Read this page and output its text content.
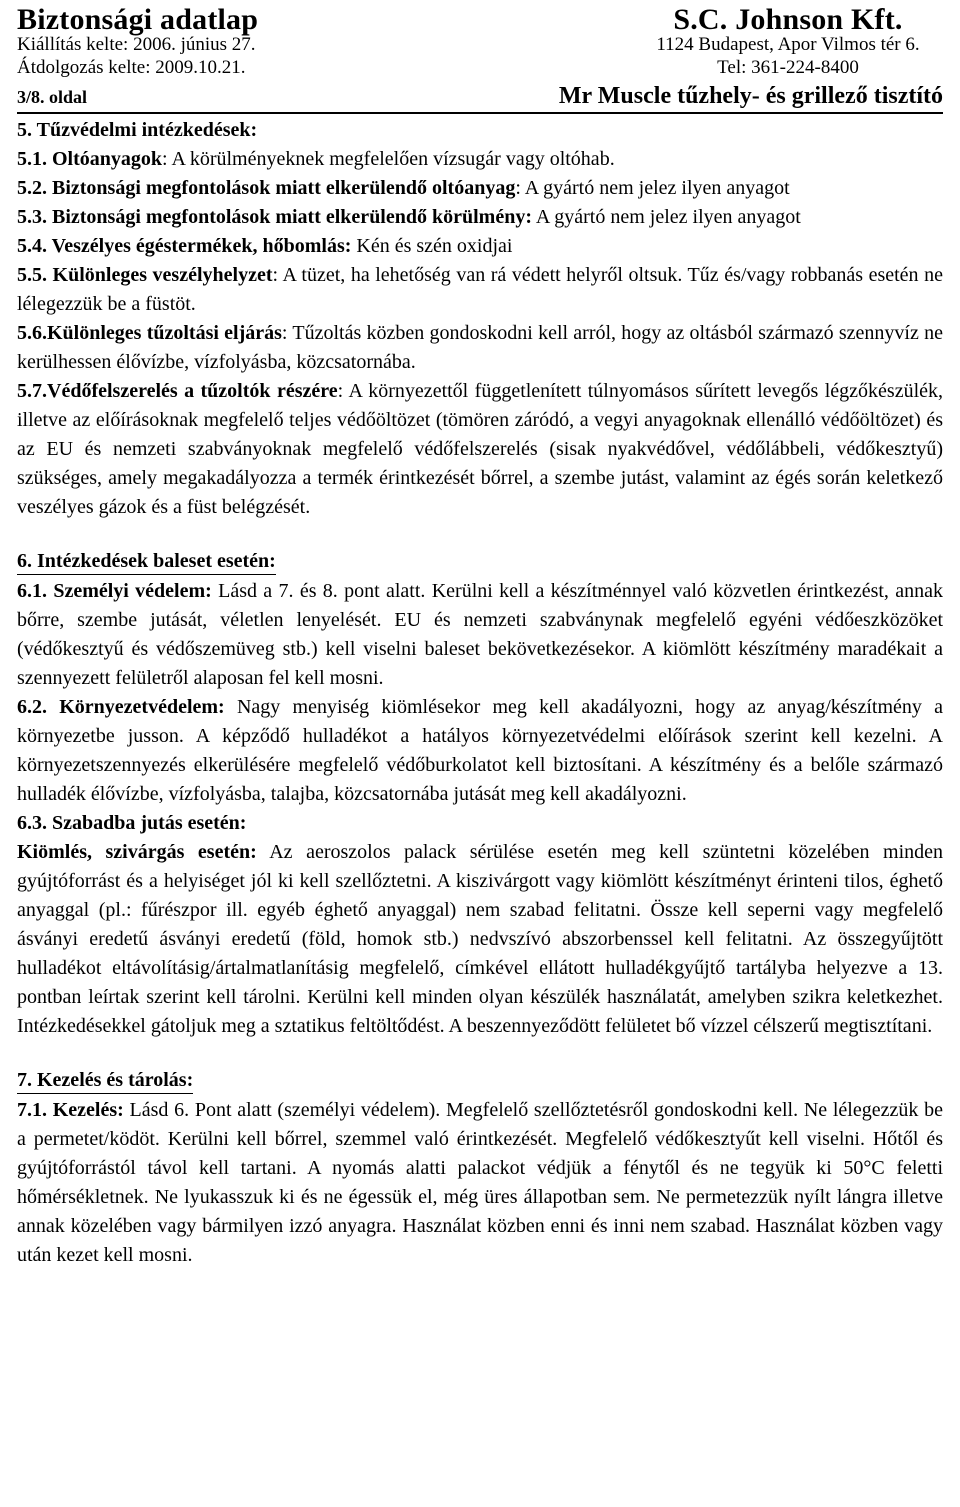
Biztonsági adatlap	S.C. Johnson Kft.
Kiállítás kelte: 2006. június 27.	1124 Budapest, Apor Vilmos tér 6.
Átdolgozás kelte: 2009.10.21.	Tel: 361-224-8400
3/8. oldal	Mr Muscle tűzhely- és grillező tisztító

5. Tűzvédelmi intézkedések:

5.1. Oltóanyagok: A körülményeknek megfelelően vízsugár vagy oltóhab.

5.2. Biztonsági megfontolások miatt elkerülendő oltóanyag: A gyártó nem jelez ilyen anyagot

5.3. Biztonsági megfontolások miatt elkerülendő körülmény: A gyártó nem jelez ilyen anyagot

5.4. Veszélyes égéstermékek, hőbomlás: Kén és szén oxidjai

5.5. Különleges veszélyhelyzet: A tüzet, ha lehetőség van rá védett helyről oltsuk. Tűz és/vagy robbanás esetén ne lélegezzük be a füstöt.

5.6.Különleges tűzoltási eljárás: Tűzoltás közben gondoskodni kell arról, hogy az oltásból származó szennyvíz ne kerülhessen élővízbe, vízfolyásba, közcsatornába.

5.7.Védőfelszerelés a tűzoltók részére: A környezettől függetlenített túlnyomásos sűrített levegős légzőkészülék, illetve az előírásoknak megfelelő teljes védőöltözet (tömören záródó, a vegyi anyagoknak ellenálló védőöltözet) és az EU és nemzeti szabványoknak megfelelő védőfelszerelés (sisak nyakvédővel, védőlábbeli, védőkesztyű) szükséges, amely megakadályozza a termék érintkezését bőrrel, a szembe jutást, valamint az égés során keletkező veszélyes gázok és a füst belégzését.

6. Intézkedések baleset esetén:

6.1. Személyi védelem: Lásd a 7. és 8. pont alatt. Kerülni kell a készítménnyel való közvetlen érintkezést, annak bőrre, szembe jutását, véletlen lenyelését. EU és nemzeti szabványnak megfelelő egyéni védőeszközöket (védőkesztyű és védőszemüveg stb.) kell viselni baleset bekövetkezésekor. A kiömlött készítmény maradékait a szennyezett felületről alaposan fel kell mosni.

6.2. Környezetvédelem: Nagy menyiség kiömlésekor meg kell akadályozni, hogy az anyag/készítmény a környezetbe jusson. A képződő hulladékot a hatályos környezetvédelmi előírások szerint kell kezelni. A környezetszennyezés elkerülésére megfelelő védőburkolatot kell biztosítani. A készítmény és a belőle származó hulladék élővízbe, vízfolyásba, talajba, közcsatornába jutását meg kell akadályozni.

6.3. Szabadba jutás esetén:

Kiömlés, szivárgás esetén: Az aeroszolos palack sérülése esetén meg kell szüntetni közelében minden gyújtóforrást és a helyiséget jól ki kell szellőztetni. A kiszivárgott vagy kiömlött készítményt érinteni tilos, éghető anyaggal (pl.: fűrészpor ill. egyéb éghető anyaggal) nem szabad felitatni. Össze kell seperni vagy megfelelő ásványi eredetű ásványi eredetű (föld, homok stb.) nedvszívó abszorbenssel kell felitatni. Az összegyűjtött hulladékot eltávolításig/ártalmatlanításig megfelelő, címkével ellátott hulladékgyűjtő tartályba helyezve a 13. pontban leírtak szerint kell tárolni. Kerülni kell minden olyan készülék használatát, amelyben szikra keletkezhet. Intézkedésekkel gátoljuk meg a sztatikus feltöltődést. A beszennyeződött felületet bő vízzel célszerű megtisztítani.

7. Kezelés és tárolás:

7.1. Kezelés: Lásd 6. Pont alatt (személyi védelem). Megfelelő szellőztetésről gondoskodni kell. Ne lélegezzük be a permetet/ködöt. Kerülni kell bőrrel, szemmel való érintkezését. Megfelelő védőkesztyűt kell viselni. Hőtől és gyújtóforrástól távol kell tartani. A nyomás alatti palackot védjük a fénytől és ne tegyük ki 50°C feletti hőmérsékletnek. Ne lyukasszuk ki és ne égessük el, még üres állapotban sem. Ne permetezzük nyílt lángra illetve annak közelében vagy bármilyen izzó anyagra. Használat közben enni és inni nem szabad. Használat közben vagy után kezet kell mosni.
